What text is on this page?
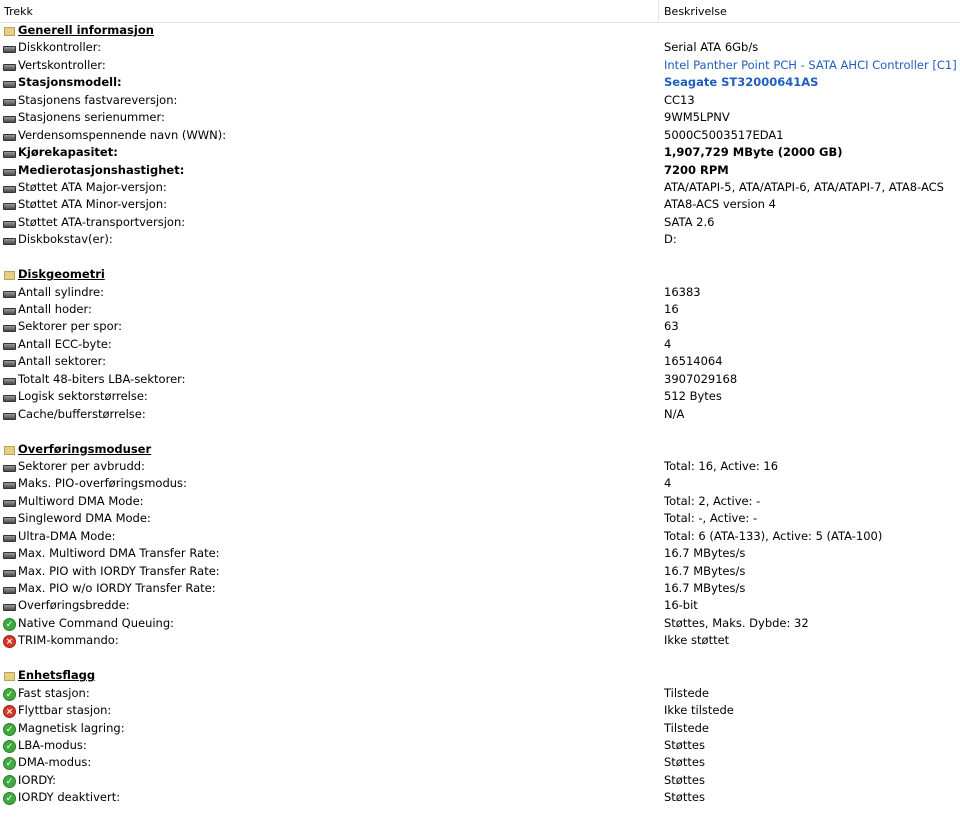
Trekk	Beskrivelse
Generell informasjon
Diskkontroller:	Serial ATA 6Gb/s
Vertskontroller:	Intel Panther Point PCH - SATA AHCI Controller [C1]
Stasjonsmodell:	Seagate ST32000641AS
Stasjonens fastvareversjon:	CC13
Stasjonens serienummer:	9WM5LPNV
Verdensomspennende navn (WWN):	5000C5003517EDA1
Kjørekapasitet:	1,907,729 MByte (2000 GB)
Medierotasjonshastighet:	7200 RPM
Støttet ATA Major-versjon:	ATA/ATAPI-5, ATA/ATAPI-6, ATA/ATAPI-7, ATA8-ACS
Støttet ATA Minor-versjon:	ATA8-ACS version 4
Støttet ATA-transportversjon:	SATA 2.6
Diskbokstav(er):	D:
Diskgeometri
Antall sylindre:	16383
Antall hoder:	16
Sektorer per spor:	63
Antall ECC-byte:	4
Antall sektorer:	16514064
Totalt 48-biters LBA-sektorer:	3907029168
Logisk sektorstørrelse:	512 Bytes
Cache/bufferstørrelse:	N/A
Overføringsmoduser
Sektorer per avbrudd:	Total: 16, Active: 16
Maks. PIO-overføringsmodus:	4
Multiword DMA Mode:	Total: 2, Active: -
Singleword DMA Mode:	Total: -, Active: -
Ultra-DMA Mode:	Total: 6 (ATA-133), Active: 5 (ATA-100)
Max. Multiword DMA Transfer Rate:	16.7 MBytes/s
Max. PIO with IORDY Transfer Rate:	16.7 MBytes/s
Max. PIO w/o IORDY Transfer Rate:	16.7 MBytes/s
Overføringsbredde:	16-bit
✓ Native Command Queuing:	Støttes, Maks. Dybde: 32
× TRIM-kommando:	Ikke støttet
Enhetsflagg
✓ Fast stasjon:	Tilstede
× Flyttbar stasjon:	Ikke tilstede
✓ Magnetisk lagring:	Tilstede
✓ LBA-modus:	Støttes
✓ DMA-modus:	Støttes
✓ IORDY:	Støttes
✓ IORDY deaktivert:	Støttes
